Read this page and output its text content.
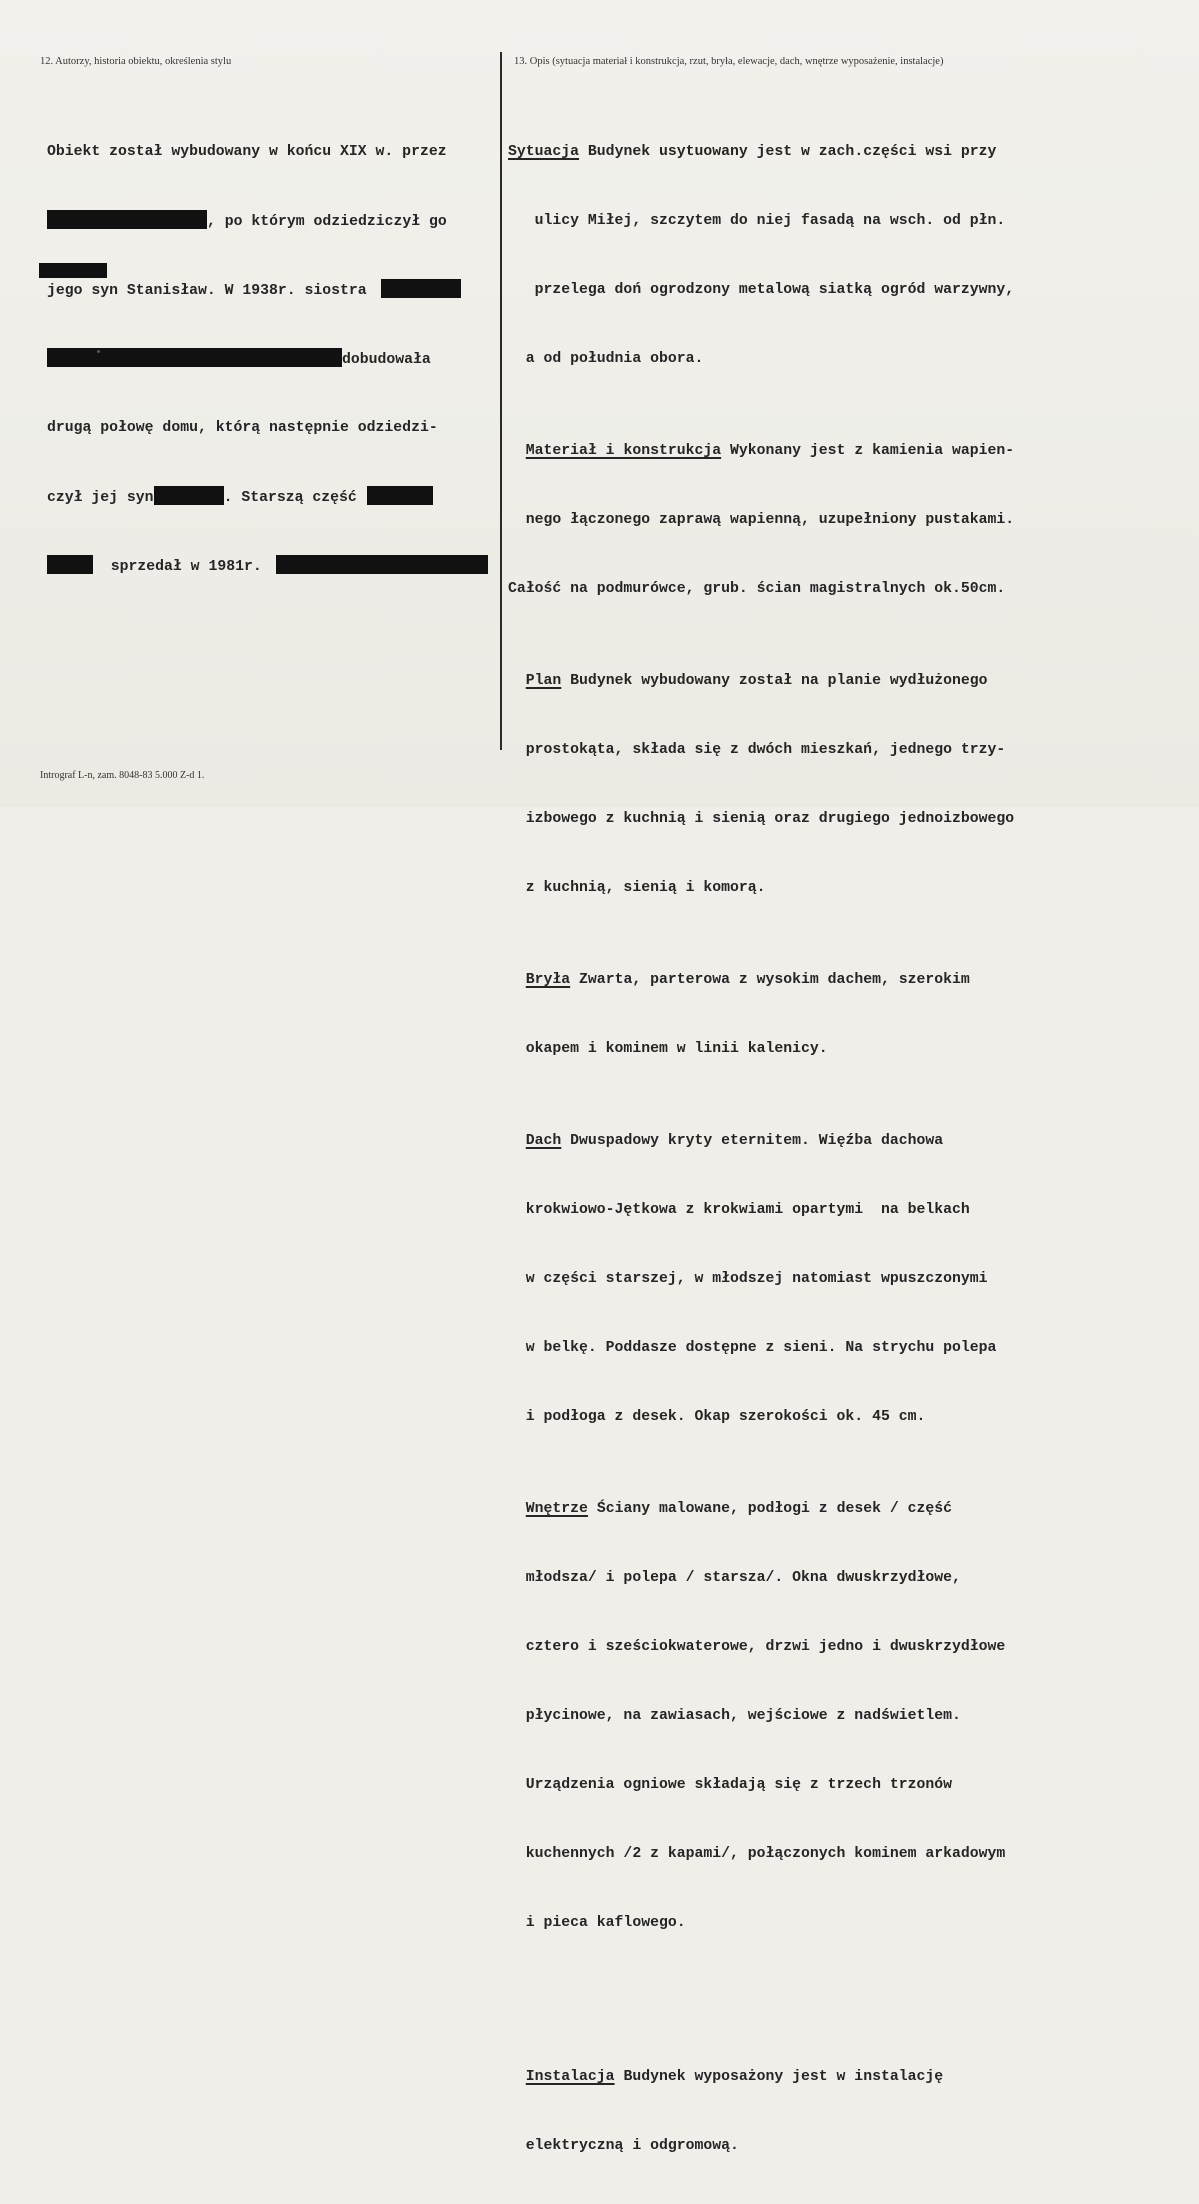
12. Autorzy, historia obiektu, określenia stylu	13. Opis (sytuacja materiał i konstrukcja, rzut, bryła, elewacje, dach, wnętrze wyposażenie, instalacje)

Obiekt został wybudowany w końcu XIX w. przez

, po którym odziedziczył go

jego syn Stanisław. W 1938r. siostra

dobudowała

drugą połowę domu, którą następnie odziedzi-

czył jej syn	. Starszą część

sprzedał w 1981r.

Sytuacja Budynek usytuowany jest w zach.części wsi przy

ulicy Miłej, szczytem do niej fasadą na wsch. od płn.

przelega doń ogrodzony metalową siatką ogród warzywny,

a od południa obora.

Materiał i konstrukcja Wykonany jest z kamienia wapien-

nego łączonego zaprawą wapienną, uzupełniony pustakami.

Całość na podmurówce, grub. ścian magistralnych ok.50cm.

Plan Budynek wybudowany został na planie wydłużonego

prostokąta, składa się z dwóch mieszkań, jednego trzy-

izbowego z kuchnią i sienią oraz drugiego jednoizbowego

z kuchnią, sienią i komorą.

Bryła Zwarta, parterowa z wysokim dachem, szerokim

okapem i kominem w linii kalenicy.

Dach Dwuspadowy kryty eternitem. Więźba dachowa

krokwiowo-Jętkowa z krokwiami opartymi  na belkach

w części starszej, w młodszej natomiast wpuszczonymi

w belkę. Poddasze dostępne z sieni. Na strychu polepa

i podłoga z desek. Okap szerokości ok. 45 cm.

Wnętrze Ściany malowane, podłogi z desek / część

młodsza/ i polepa / starsza/. Okna dwuskrzydłowe,

cztero i sześciokwaterowe, drzwi jedno i dwuskrzydłowe

płycinowe, na zawiasach, wejściowe z nadświetlem.

Urządzenia ogniowe składają się z trzech trzonów

kuchennych /2 z kapami/, połączonych kominem arkadowym

i pieca kaflowego.

Instalacja Budynek wyposażony jest w instalację

elektryczną i odgromową.

Intrograf L-n, zam. 8048-83 5.000 Z-d 1.
